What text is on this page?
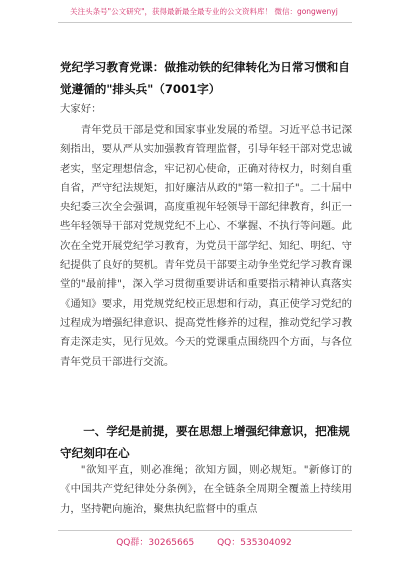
关注头条号"公文研究"，获得最新最全最专业的公文资料库！ 微信：gongwenyj
党纪学习教育党课：做推动铁的纪律转化为日常习惯和自觉遵循的"排头兵"（7001字）
大家好：
青年党员干部是党和国家事业发展的希望。习近平总书记深刻指出，要从严从实加强教育管理监督，引导年轻干部对党忠诚老实，坚定理想信念，牢记初心使命，正确对待权力，时刻自重自省，严守纪法规矩，扣好廉洁从政的"第一粒扣子"。二十届中央纪委三次全会强调，高度重视年轻领导干部纪律教育，纠正一些年轻领导干部对党规党纪不上心、不掌握、不执行等问题。此次在全党开展党纪学习教育，为党员干部学纪、知纪、明纪、守纪提供了良好的契机。青年党员干部要主动争坐党纪学习教育课堂的"最前排"，深入学习贯彻重要讲话和重要指示精神认真落实《通知》要求，用党规党纪校正思想和行动，真正使学习党纪的过程成为增强纪律意识、提高党性修养的过程，推动党纪学习教育走深走实，见行见效。今天的党课重点围绕四个方面，与各位青年党员干部进行交流。
一、学纪是前提，要在思想上增强纪律意识，把准规守纪刻印在心
"欲知平直，则必准绳；欲知方圆，则必规矩。"新修订的《中国共产党纪律处分条例》，在全链条全周期全覆盖上持续用力，坚持靶向施治，聚焦执纪监督中的重点
QQ群：30265665	QQ：535304092
